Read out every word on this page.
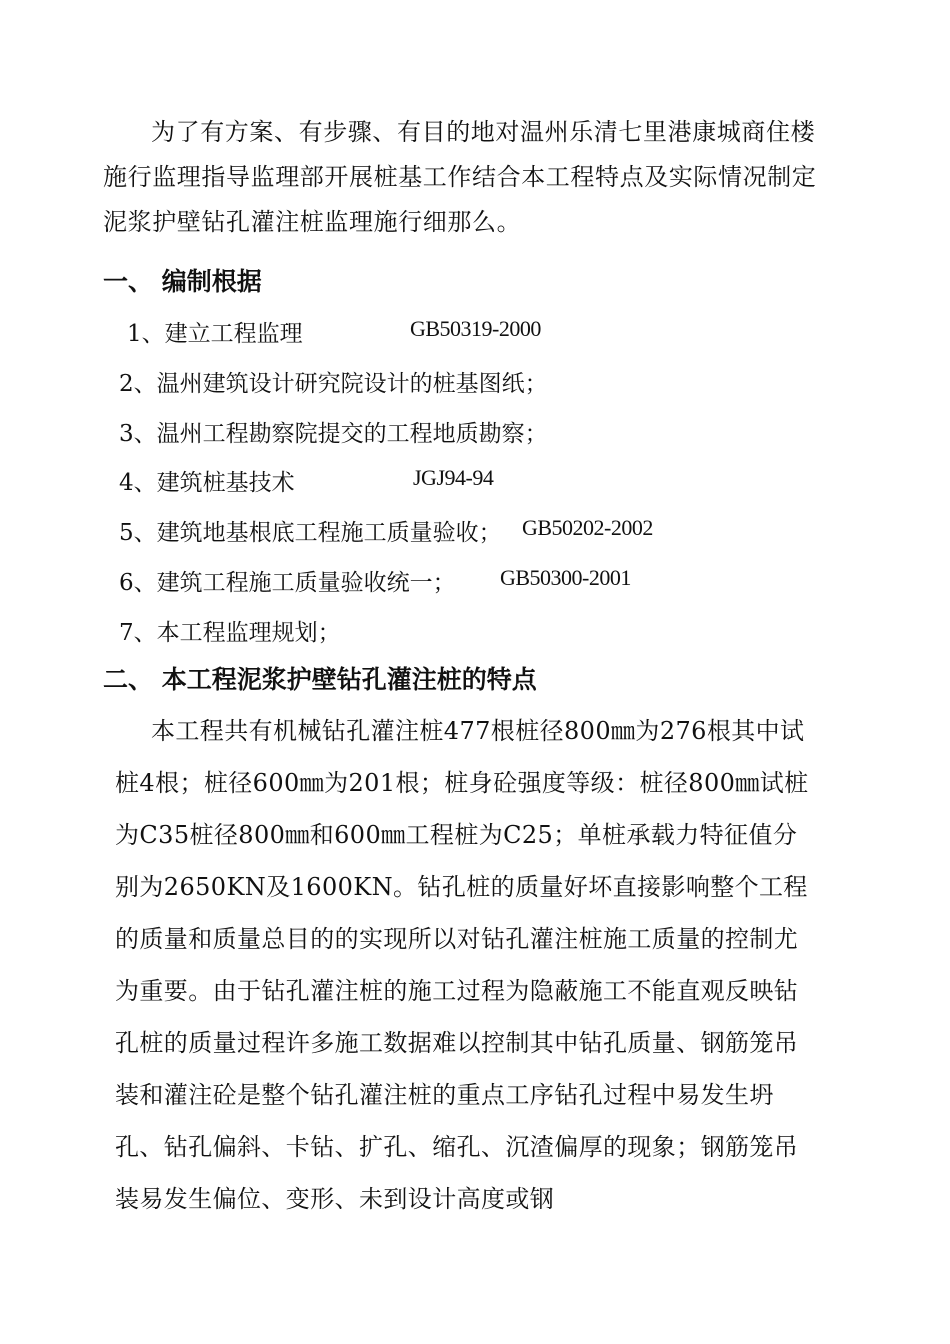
为了有方案、有步骤、有目的地对温州乐清七里港康城商住楼施行监理指导监理部开展桩基工作结合本工程特点及实际情况制定泥浆护壁钻孔灌注桩监理施行细那么。

一、 编制根据
1、建立工程监理	GB50319-2000
2、温州建筑设计研究院设计的桩基图纸；
3、温州工程勘察院提交的工程地质勘察；
4、建筑桩基技术	JGJ94-94
5、建筑地基根底工程施工质量验收； GB50202-2002
6、建筑工程施工质量验收统一； GB50300-2001
7、本工程监理规划；
二、 本工程泥浆护壁钻孔灌注桩的特点

本工程共有机械钻孔灌注桩477根桩径800㎜为276根其中试桩4根；桩径600㎜为201根；桩身砼强度等级：桩径800㎜试桩为C35桩径800㎜和600㎜工程桩为C25；单桩承载力特征值分别为2650KN及1600KN。钻孔桩的质量好坏直接影响整个工程的质量和质量总目的的实现所以对钻孔灌注桩施工质量的控制尤为重要。由于钻孔灌注桩的施工过程为隐蔽施工不能直观反映钻孔桩的质量过程许多施工数据难以控制其中钻孔质量、钢筋笼吊装和灌注砼是整个钻孔灌注桩的重点工序钻孔过程中易发生坍孔、钻孔偏斜、卡钻、扩孔、缩孔、沉渣偏厚的现象；钢筋笼吊装易发生偏位、变形、未到设计高度或钢
